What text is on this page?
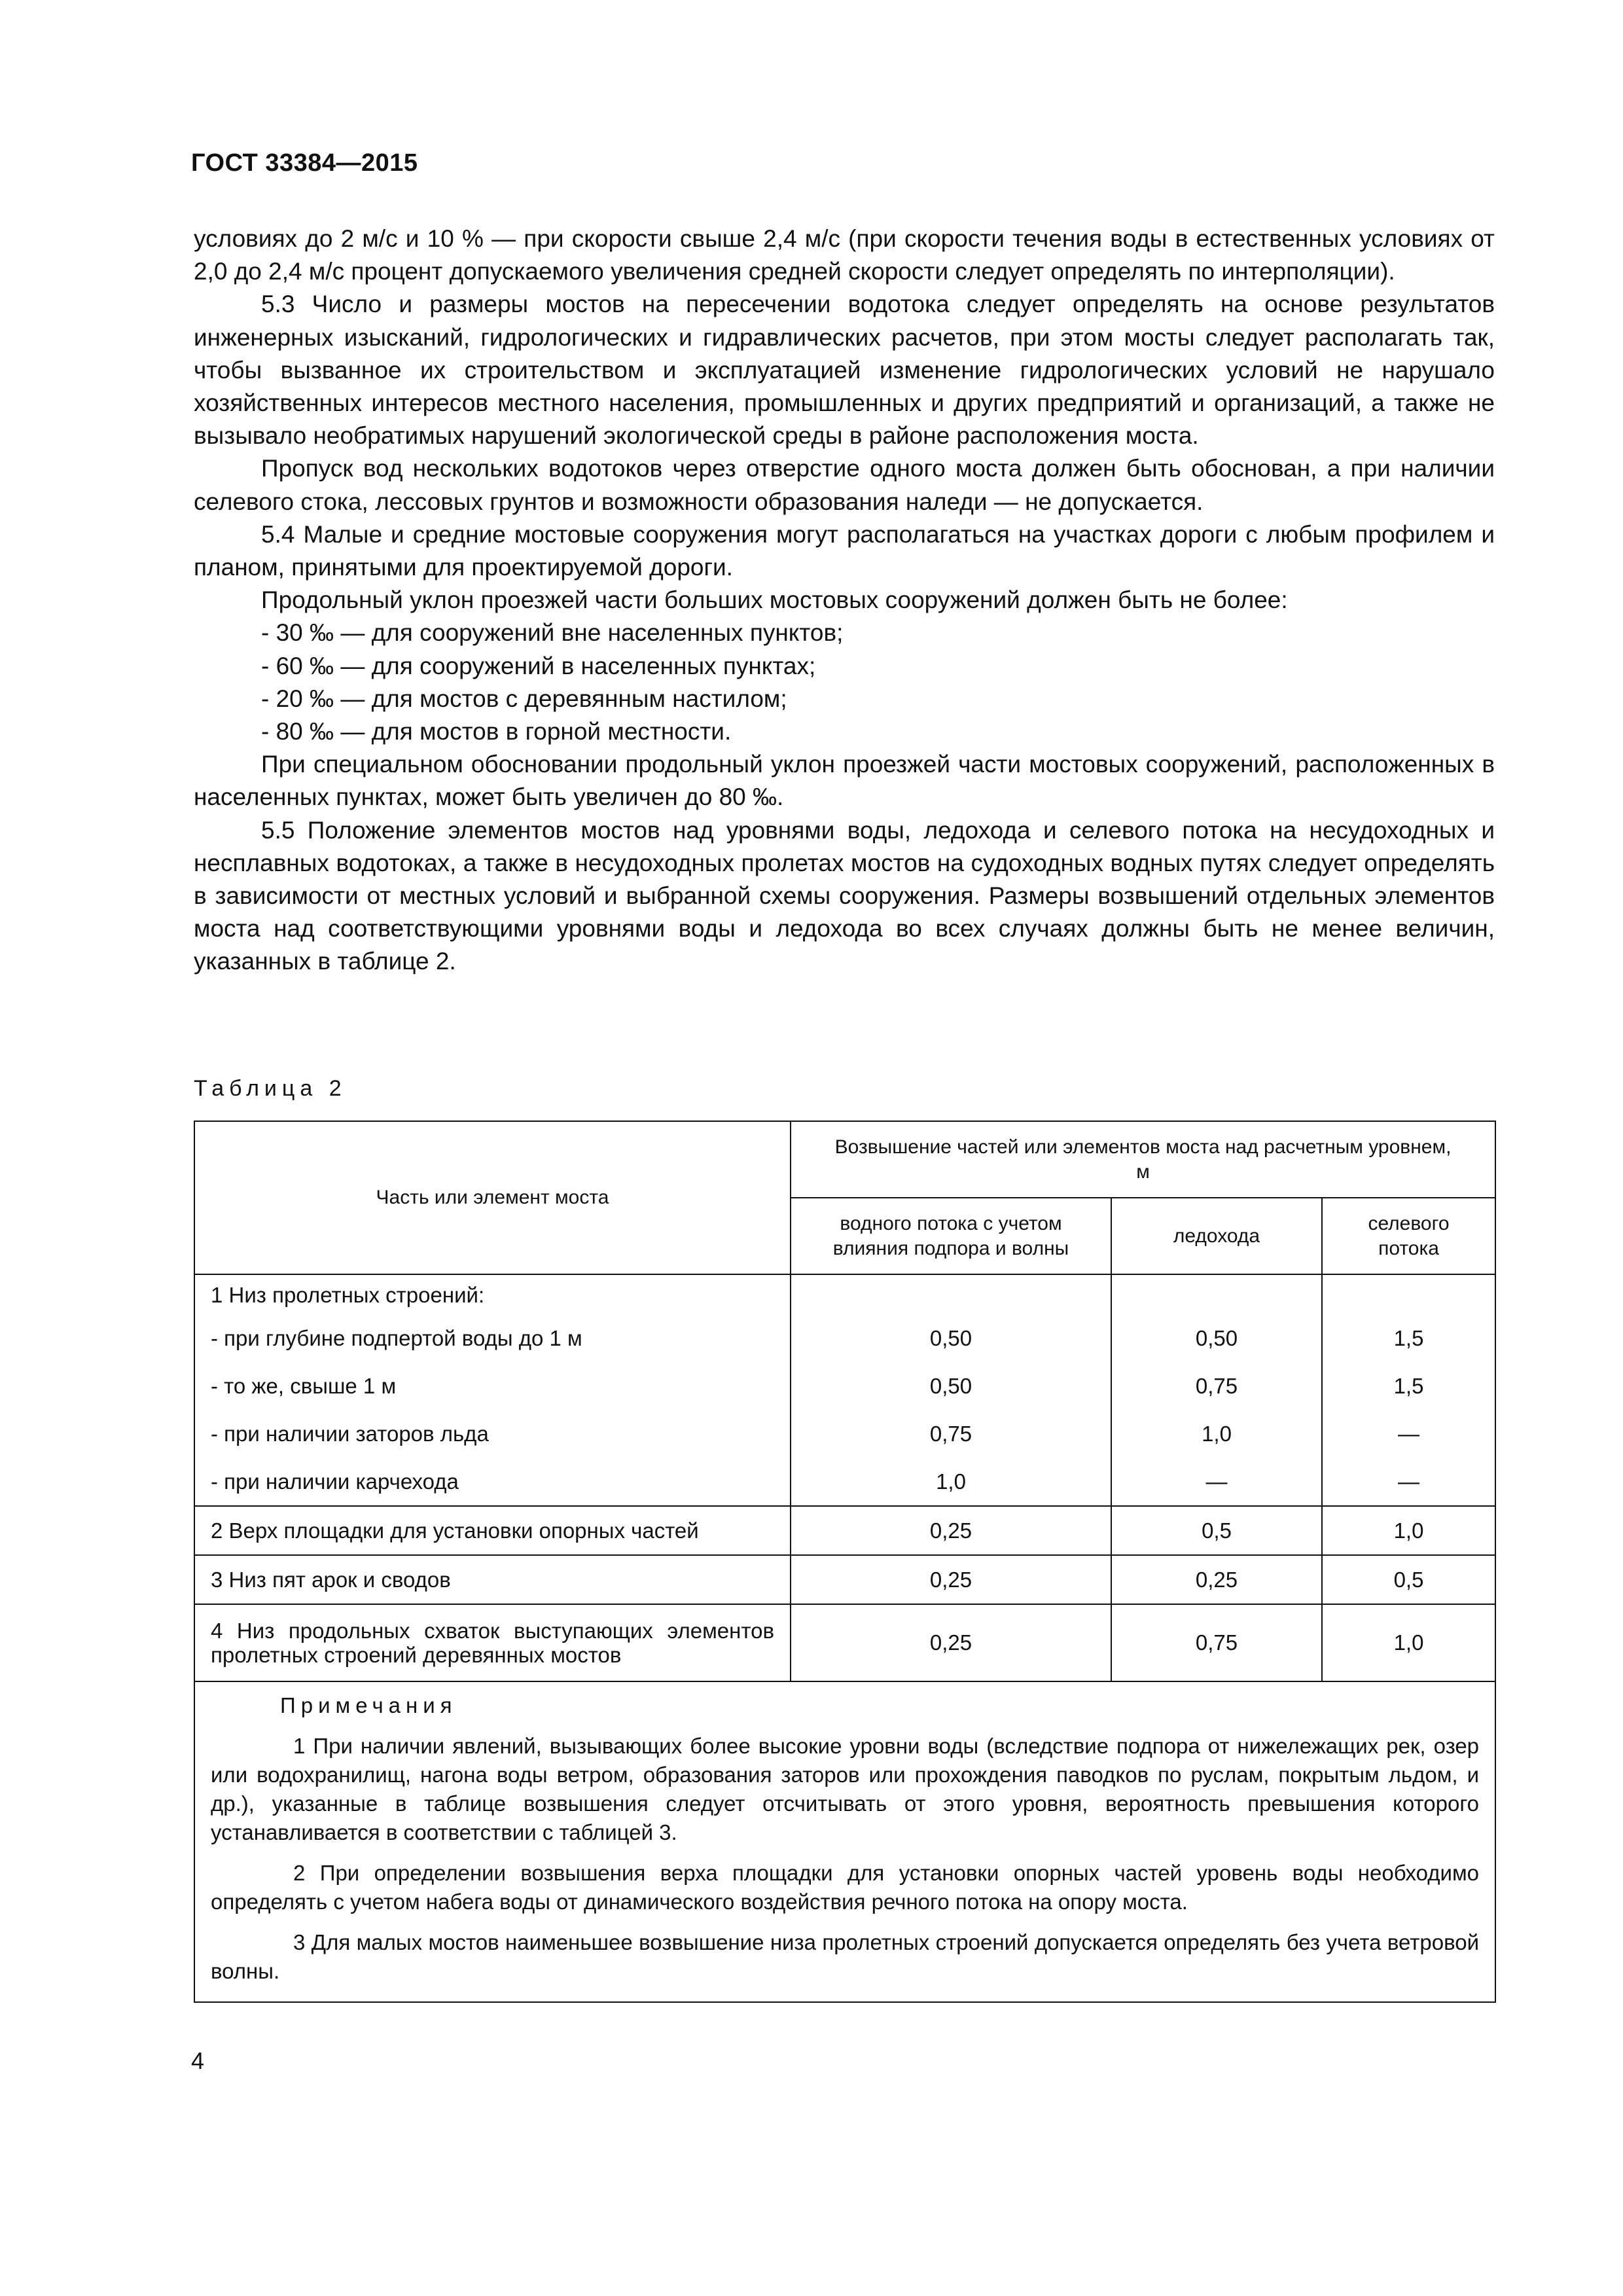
ГОСТ 33384—2015

условиях до 2 м/с и 10 % — при скорости свыше 2,4 м/с (при скорости течения воды в естественных условиях от 2,0 до 2,4 м/с процент допускаемого увеличения средней скорости следует определять по интерполяции).

5.3 Число и размеры мостов на пересечении водотока следует определять на основе результатов инженерных изысканий, гидрологических и гидравлических расчетов, при этом мосты следует располагать так, чтобы вызванное их строительством и эксплуатацией изменение гидрологических условий не нарушало хозяйственных интересов местного населения, промышленных и других предприятий и организаций, а также не вызывало необратимых нарушений экологической среды в районе расположения моста.

Пропуск вод нескольких водотоков через отверстие одного моста должен быть обоснован, а при наличии селевого стока, лессовых грунтов и возможности образования наледи — не допускается.

5.4 Малые и средние мостовые сооружения могут располагаться на участках дороги с любым профилем и планом, принятыми для проектируемой дороги.

Продольный уклон проезжей части больших мостовых сооружений должен быть не более:

- 30 ‰ — для сооружений вне населенных пунктов;

- 60 ‰ — для сооружений в населенных пунктах;

- 20 ‰ — для мостов с деревянным настилом;

- 80 ‰ — для мостов в горной местности.

При специальном обосновании продольный уклон проезжей части мостовых сооружений, расположенных в населенных пунктах, может быть увеличен до 80 ‰.

5.5 Положение элементов мостов над уровнями воды, ледохода и селевого потока на несудоходных и несплавных водотоках, а также в несудоходных пролетах мостов на судоходных водных путях следует определять в зависимости от местных условий и выбранной схемы сооружения. Размеры возвышений отдельных элементов моста над соответствующими уровнями воды и ледохода во всех случаях должны быть не менее величин, указанных в таблице 2.

Таблица 2
Часть или элемент моста	Возвышение частей или элементов моста над расчетным уровнем, м		
	водного потока с учетом влияния подпора и волны	ледохода	селевого потока
1 Низ пролетных строений:			
- при глубине подпертой воды до 1 м	0,50	0,50	1,5
- то же, свыше 1 м	0,50	0,75	1,5
- при наличии заторов льда	0,75	1,0	—
- при наличии карчехода	1,0	—	—
2 Верх площадки для установки опорных частей	0,25	0,5	1,0
3 Низ пят арок и сводов	0,25	0,25	0,5
4 Низ продольных схваток выступающих элементов пролетных строений деревянных мостов	0,25	0,75	1,0

Примечания

1 При наличии явлений, вызывающих более высокие уровни воды (вследствие подпора от нижележащих рек, озер или водохранилищ, нагона воды ветром, образования заторов или прохождения паводков по руслам, покрытым льдом, и др.), указанные в таблице возвышения следует отсчитывать от этого уровня, вероятность превышения которого устанавливается в соответствии с таблицей 3.

2 При определении возвышения верха площадки для установки опорных частей уровень воды необходимо определять с учетом набега воды от динамического воздействия речного потока на опору моста.

3 Для малых мостов наименьшее возвышение низа пролетных строений допускается определять без учета ветровой волны.			

4
